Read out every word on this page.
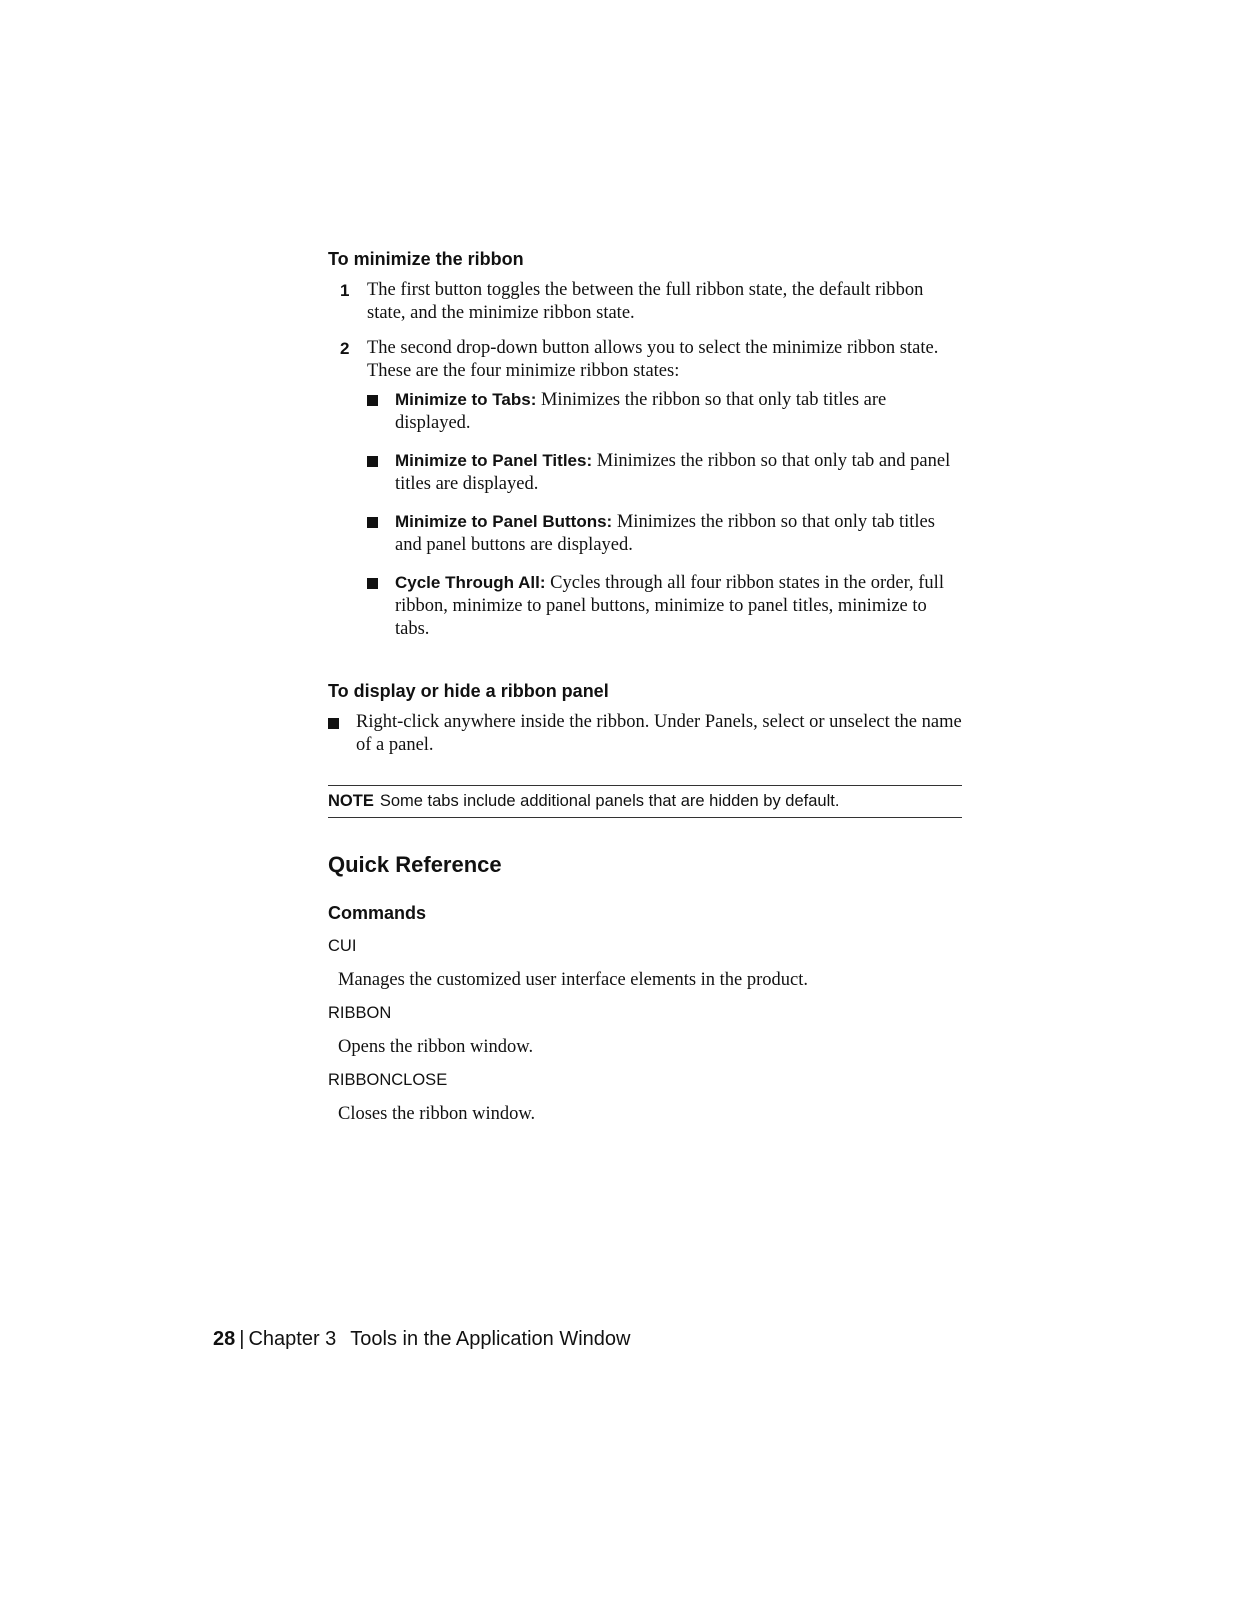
To minimize the ribbon
1 The first button toggles the between the full ribbon state, the default ribbon state, and the minimize ribbon state.
2 The second drop-down button allows you to select the minimize ribbon state. These are the four minimize ribbon states:
Minimize to Tabs: Minimizes the ribbon so that only tab titles are displayed.
Minimize to Panel Titles: Minimizes the ribbon so that only tab and panel titles are displayed.
Minimize to Panel Buttons: Minimizes the ribbon so that only tab titles and panel buttons are displayed.
Cycle Through All: Cycles through all four ribbon states in the order, full ribbon, minimize to panel buttons, minimize to panel titles, minimize to tabs.
To display or hide a ribbon panel
Right-click anywhere inside the ribbon. Under Panels, select or unselect the name of a panel.
NOTE Some tabs include additional panels that are hidden by default.
Quick Reference
Commands
CUI
Manages the customized user interface elements in the product.
RIBBON
Opens the ribbon window.
RIBBONCLOSE
Closes the ribbon window.
28 | Chapter 3 Tools in the Application Window
